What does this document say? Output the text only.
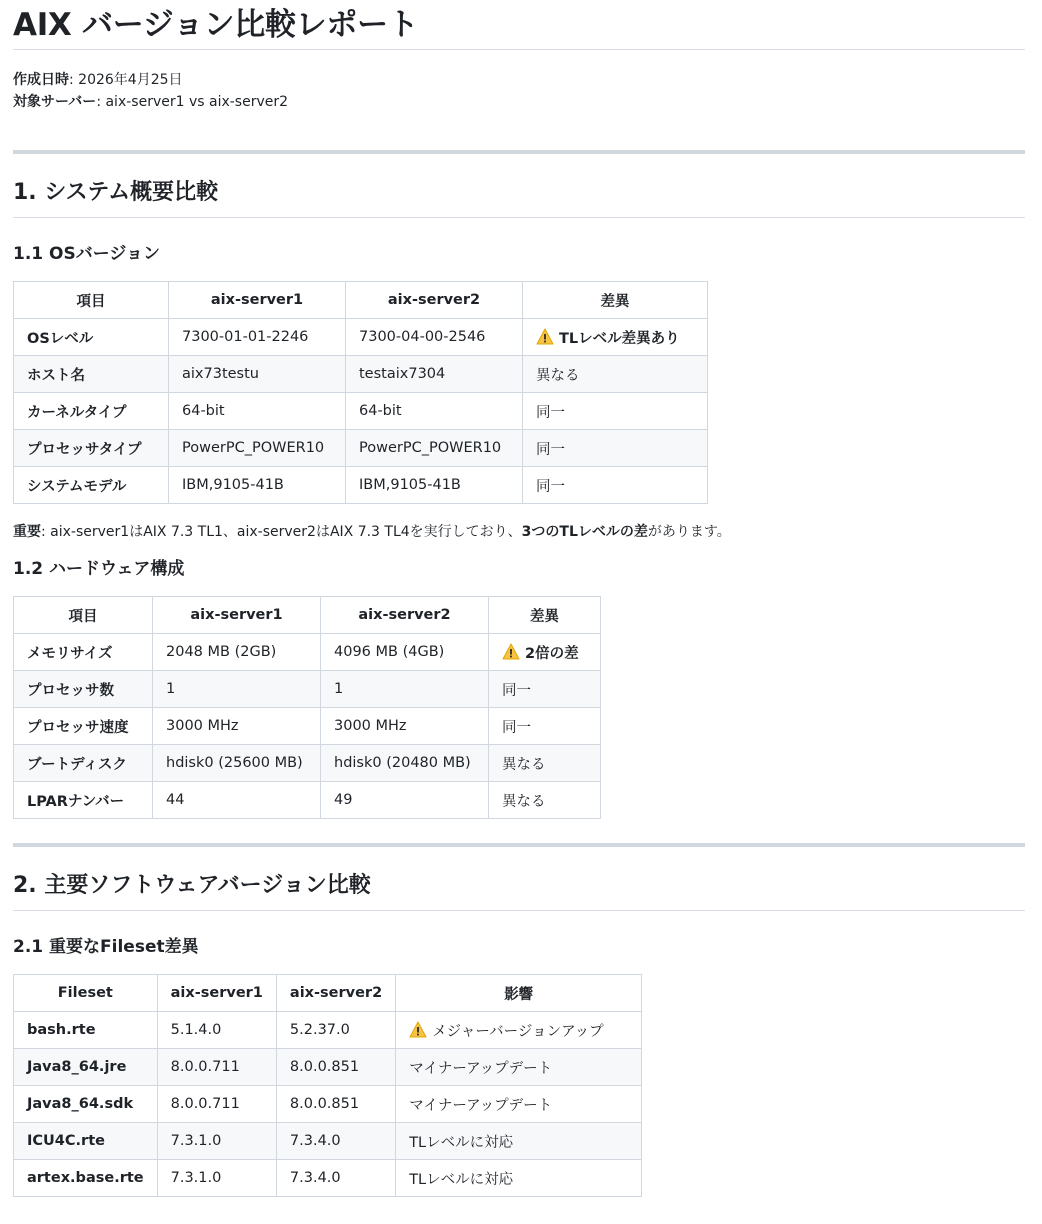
AIX バージョン比較レポート
作成日時: 2026年4月25日
対象サーバー: aix-server1 vs aix-server2
1. システム概要比較
1.1 OSバージョン
項目	aix-server1	aix-server2	差異
OSレベル	7300-01-01-2246	7300-04-00-2546	TLレベル差異あり
ホスト名	aix73testu	testaix7304	異なる
カーネルタイプ	64-bit	64-bit	同一
プロセッサタイプ	PowerPC_POWER10	PowerPC_POWER10	同一
システムモデル	IBM,9105-41B	IBM,9105-41B	同一

重要: aix-server1はAIX 7.3 TL1、aix-server2はAIX 7.3 TL4を実行しており、3つのTLレベルの差があります。

1.2 ハードウェア構成
項目	aix-server1	aix-server2	差異
メモリサイズ	2048 MB (2GB)	4096 MB (4GB)	2倍の差
プロセッサ数	1	1	同一
プロセッサ速度	3000 MHz	3000 MHz	同一
ブートディスク	hdisk0 (25600 MB)	hdisk0 (20480 MB)	異なる
LPARナンバー	44	49	異なる
2. 主要ソフトウェアバージョン比較
2.1 重要なFileset差異
Fileset	aix-server1	aix-server2	影響
bash.rte	5.1.4.0	5.2.37.0	メジャーバージョンアップ
Java8_64.jre	8.0.0.711	8.0.0.851	マイナーアップデート
Java8_64.sdk	8.0.0.711	8.0.0.851	マイナーアップデート
ICU4C.rte	7.3.1.0	7.3.4.0	TLレベルに対応
artex.base.rte	7.3.1.0	7.3.4.0	TLレベルに対応
